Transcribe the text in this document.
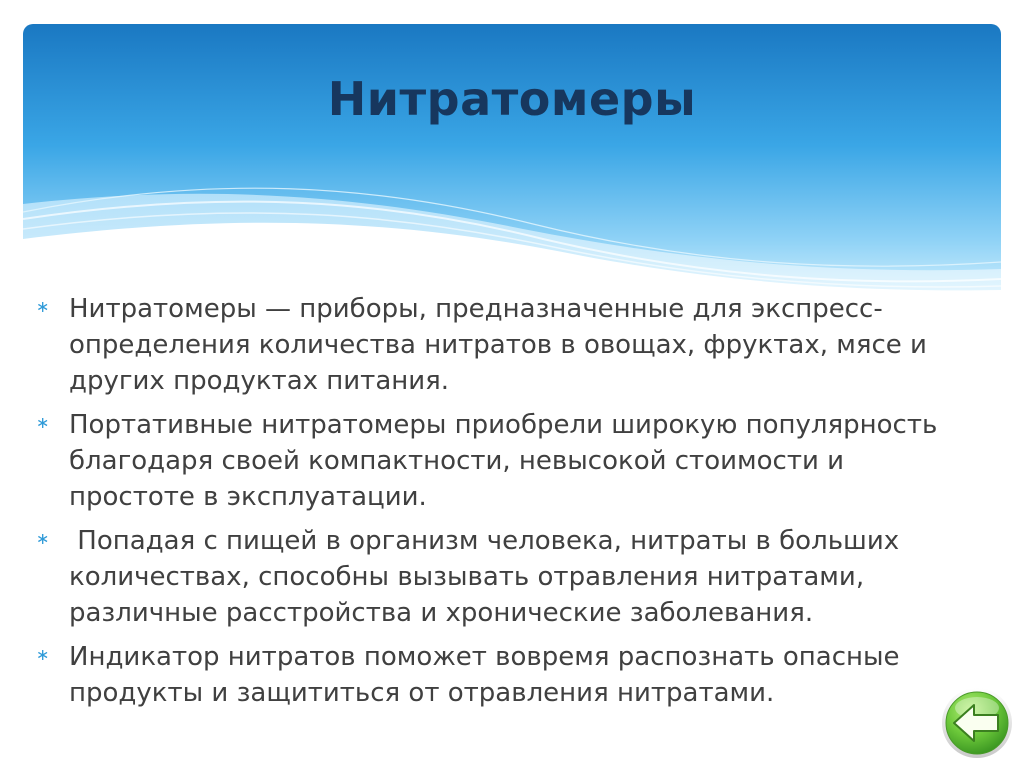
Нитратомеры
∗ Нитратомеры — приборы, предназначенные для экспресс-определения количества нитратов в овощах, фруктах, мясе и других продуктах питания.
∗ Портативные нитратомеры приобрели широкую популярность благодаря своей компактности, невысокой стоимости и простоте в эксплуатации.
∗ Попадая с пищей в организм человека, нитраты в больших количествах, способны вызывать отравления нитратами, различные расстройства и хронические заболевания.
∗ Индикатор нитратов поможет вовремя распознать опасные продукты и защититься от отравления нитратами.
